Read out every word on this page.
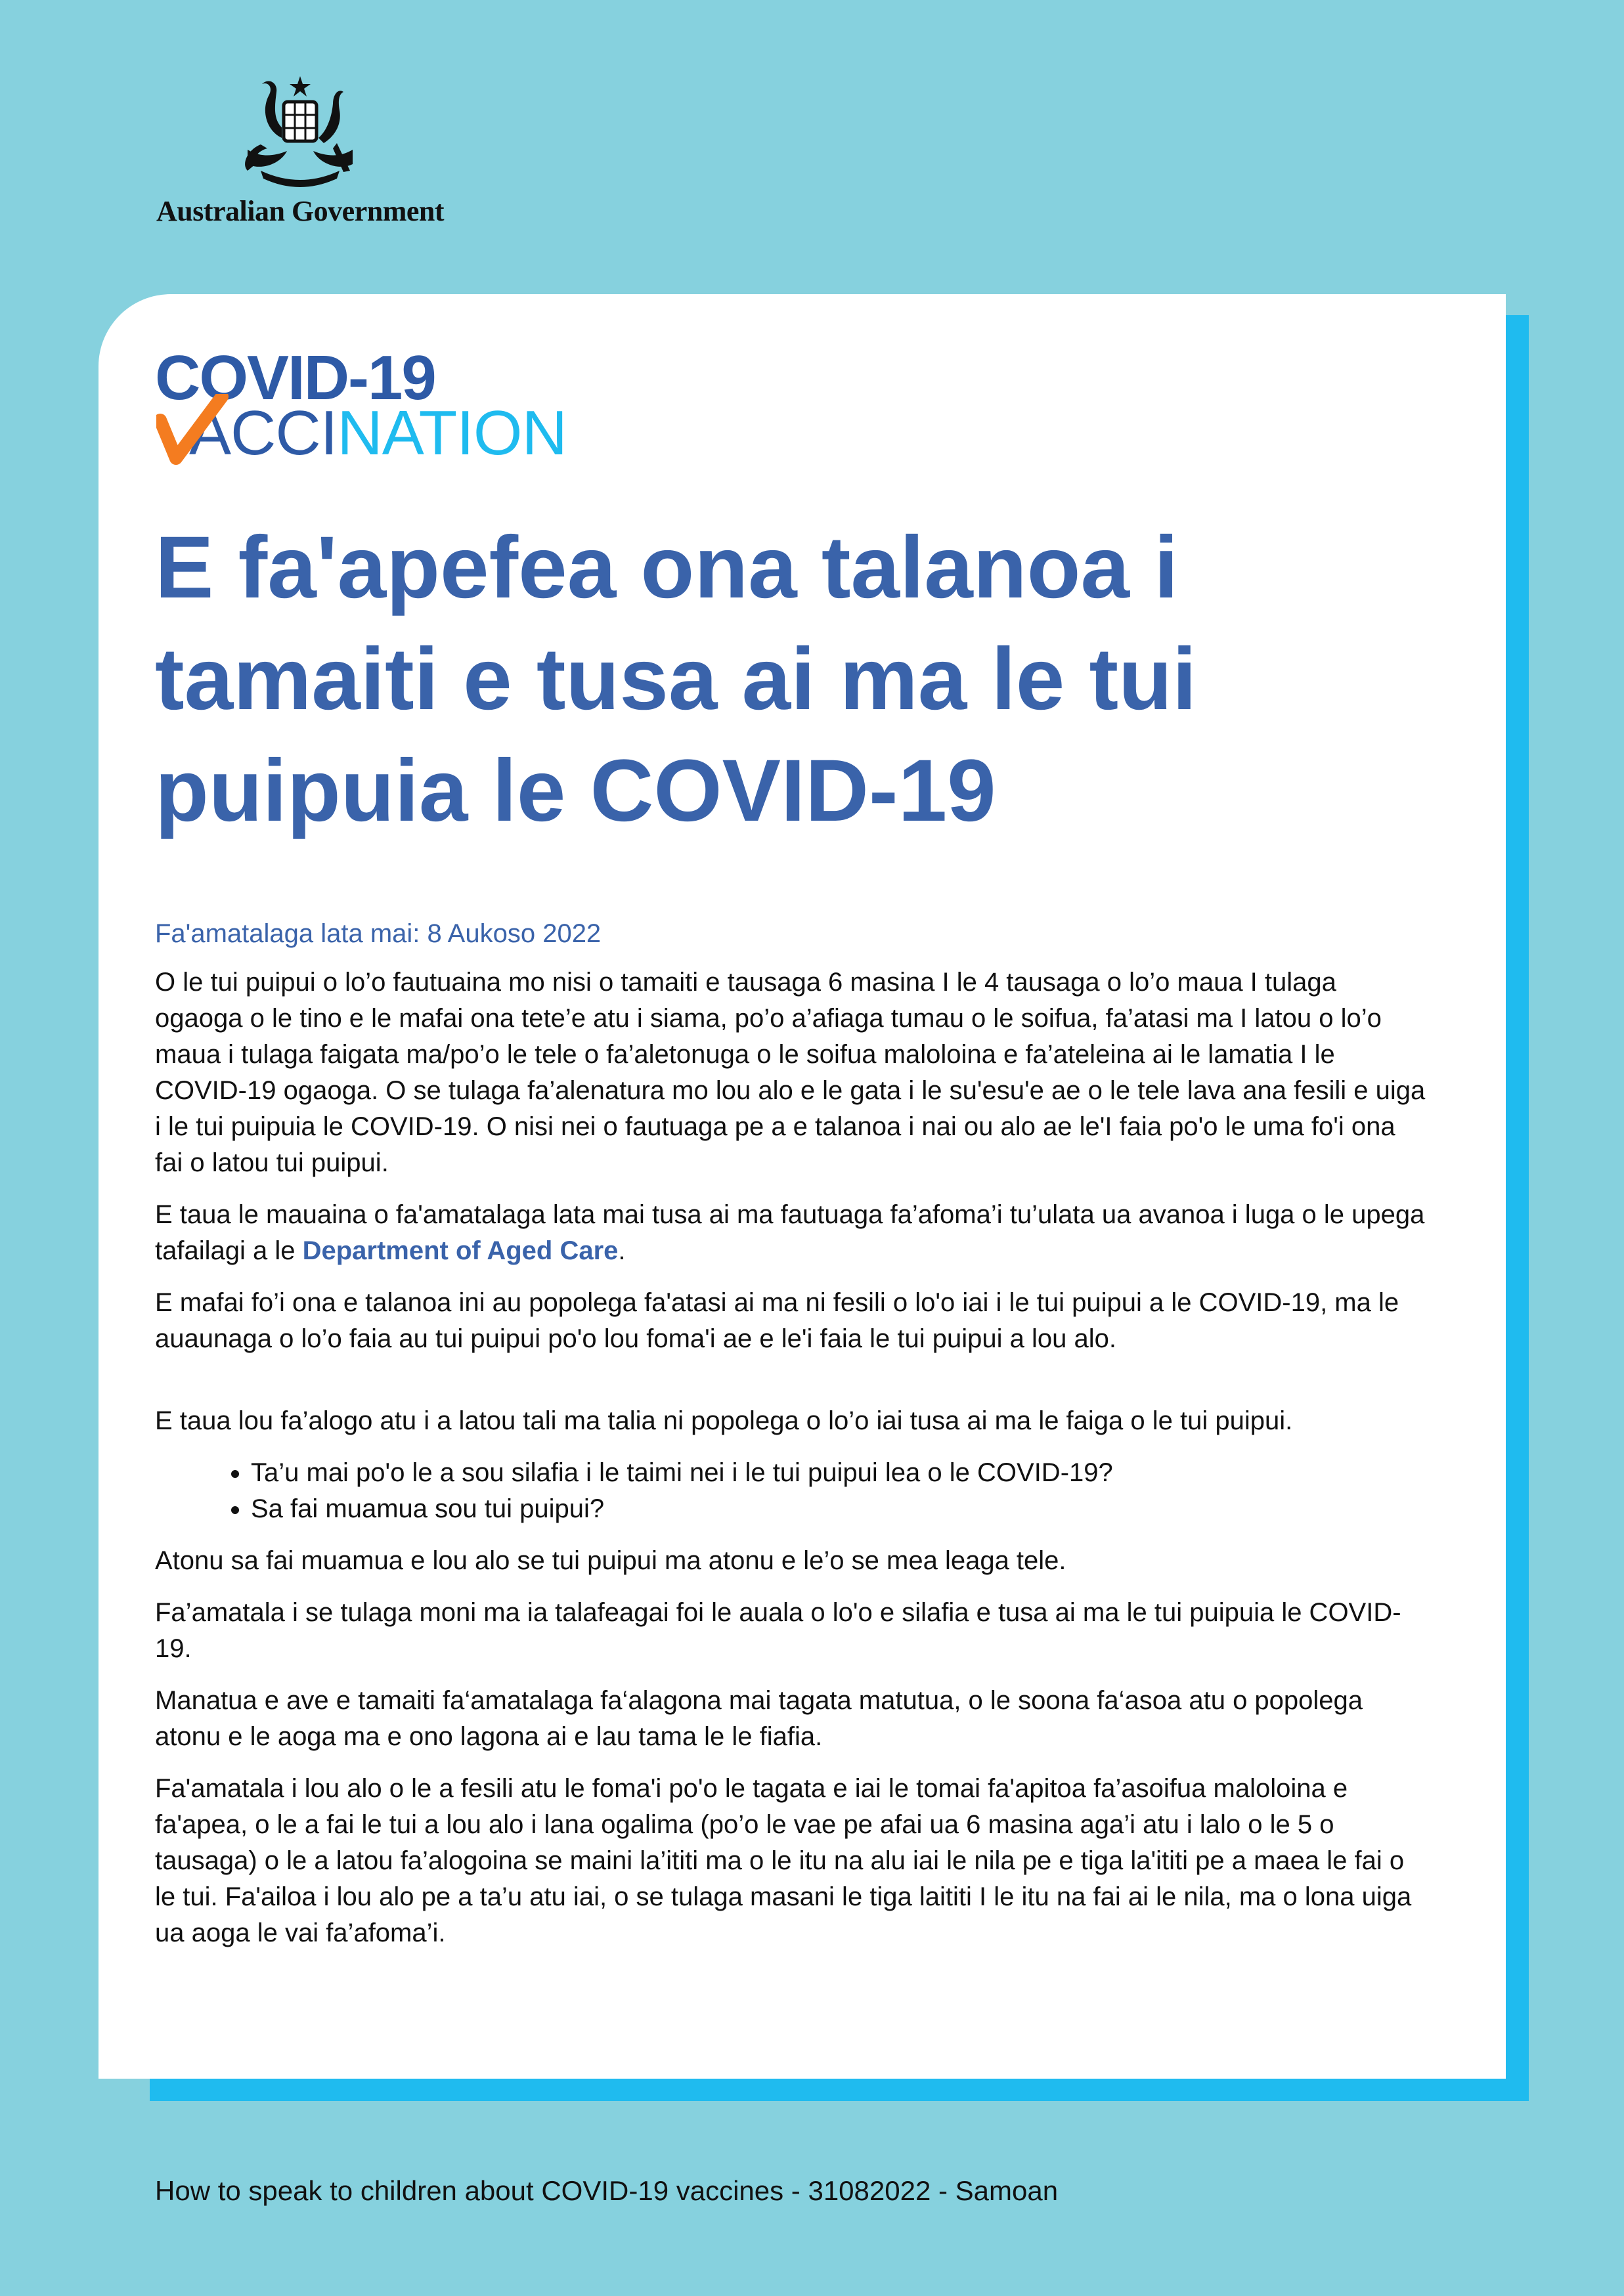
Australian Government
COVID-19
ACCINATION
E fa'apefea ona talanoa i tamaiti e tusa ai ma le tui puipuia le COVID-19
Fa'amatalaga lata mai: 8 Aukoso 2022

O le tui puipui o lo’o fautuaina mo nisi o tamaiti e tausaga 6 masina I le 4 tausaga o lo’o maua I tulaga ogaoga o le tino e le mafai ona tete’e atu i siama, po’o a’afiaga tumau o le soifua, fa’atasi ma I latou o lo’o maua i tulaga faigata ma/po’o le tele o fa’aletonuga o le soifua maloloina e fa’ateleina ai le lamatia I le COVID-19 ogaoga. O se tulaga fa’alenatura mo lou alo e le gata i le su'esu'e ae o le tele lava ana fesili e uiga i le tui puipuia le COVID-19. O nisi nei o fautuaga pe a e talanoa i nai ou alo ae le'I faia po'o le uma fo'i ona fai o latou tui puipui.

E taua le mauaina o fa'amatalaga lata mai tusa ai ma fautuaga fa’afoma’i tu’ulata ua avanoa i luga o le upega tafailagi a le Department of Aged Care.

E mafai fo’i ona e talanoa ini au popolega fa'atasi ai ma ni fesili o lo'o iai i le tui puipui a le COVID-19, ma le auaunaga o lo’o faia au tui puipui po'o lou foma'i ae e le'i faia le tui puipui a lou alo.

E taua lou fa’alogo atu i a latou tali ma talia ni popolega o lo’o iai tusa ai ma le faiga o le tui puipui.

• Ta’u mai po'o le a sou silafia i le taimi nei i le tui puipui lea o le COVID-19?
• Sa fai muamua sou tui puipui?

Atonu sa fai muamua e lou alo se tui puipui ma atonu e le’o se mea leaga tele.

Fa’amatala i se tulaga moni ma ia talafeagai foi le auala o lo'o e silafia e tusa ai ma le tui puipuia le COVID-19.

Manatua e ave e tamaiti fa‘amatalaga fa‘alagona mai tagata matutua, o le soona fa‘asoa atu o popolega atonu e le aoga ma e ono lagona ai e lau tama le le fiafia.

Fa'amatala i lou alo o le a fesili atu le foma'i po'o le tagata e iai le tomai fa'apitoa fa’asoifua maloloina e fa'apea, o le a fai le tui a lou alo i lana ogalima (po’o le vae pe afai ua 6 masina aga’i atu i lalo o le 5 o tausaga) o le a latou fa’alogoina se maini la’ititi ma o le itu na alu iai le nila pe e tiga la'ititi pe a maea le fai o le tui. Fa'ailoa i lou alo pe a ta’u atu iai, o se tulaga masani le tiga laititi I le itu na fai ai le nila, ma o lona uiga ua aoga le vai fa’afoma’i.

How to speak to children about COVID-19 vaccines - 31082022 - Samoan
